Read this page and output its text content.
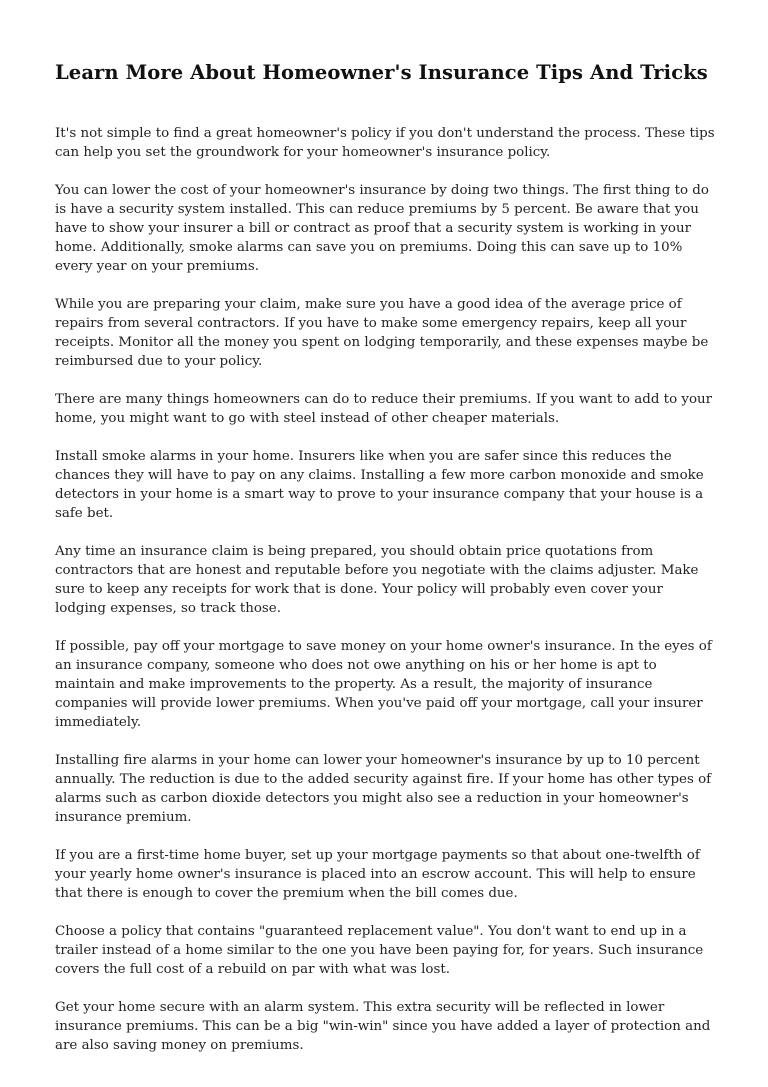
Learn More About Homeowner's Insurance Tips And Tricks

It's not simple to find a great homeowner's policy if you don't understand the process. These tips can help you set the groundwork for your homeowner's insurance policy.

You can lower the cost of your homeowner's insurance by doing two things. The first thing to do is have a security system installed. This can reduce premiums by 5 percent. Be aware that you have to show your insurer a bill or contract as proof that a security system is working in your home. Additionally, smoke alarms can save you on premiums. Doing this can save up to 10% every year on your premiums.

While you are preparing your claim, make sure you have a good idea of the average price of repairs from several contractors. If you have to make some emergency repairs, keep all your receipts. Monitor all the money you spent on lodging temporarily, and these expenses maybe be reimbursed due to your policy.

There are many things homeowners can do to reduce their premiums. If you want to add to your home, you might want to go with steel instead of other cheaper materials.

Install smoke alarms in your home. Insurers like when you are safer since this reduces the chances they will have to pay on any claims. Installing a few more carbon monoxide and smoke detectors in your home is a smart way to prove to your insurance company that your house is a safe bet.

Any time an insurance claim is being prepared, you should obtain price quotations from contractors that are honest and reputable before you negotiate with the claims adjuster. Make sure to keep any receipts for work that is done. Your policy will probably even cover your lodging expenses, so track those.

If possible, pay off your mortgage to save money on your home owner's insurance. In the eyes of an insurance company, someone who does not owe anything on his or her home is apt to maintain and make improvements to the property. As a result, the majority of insurance companies will provide lower premiums. When you've paid off your mortgage, call your insurer immediately.

Installing fire alarms in your home can lower your homeowner's insurance by up to 10 percent annually. The reduction is due to the added security against fire. If your home has other types of alarms such as carbon dioxide detectors you might also see a reduction in your homeowner's insurance premium.

If you are a first-time home buyer, set up your mortgage payments so that about one-twelfth of your yearly home owner's insurance is placed into an escrow account. This will help to ensure that there is enough to cover the premium when the bill comes due.

Choose a policy that contains "guaranteed replacement value". You don't want to end up in a trailer instead of a home similar to the one you have been paying for, for years. Such insurance covers the full cost of a rebuild on par with what was lost.

Get your home secure with an alarm system. This extra security will be reflected in lower insurance premiums. This can be a big "win-win" since you have added a layer of protection and are also saving money on premiums.
